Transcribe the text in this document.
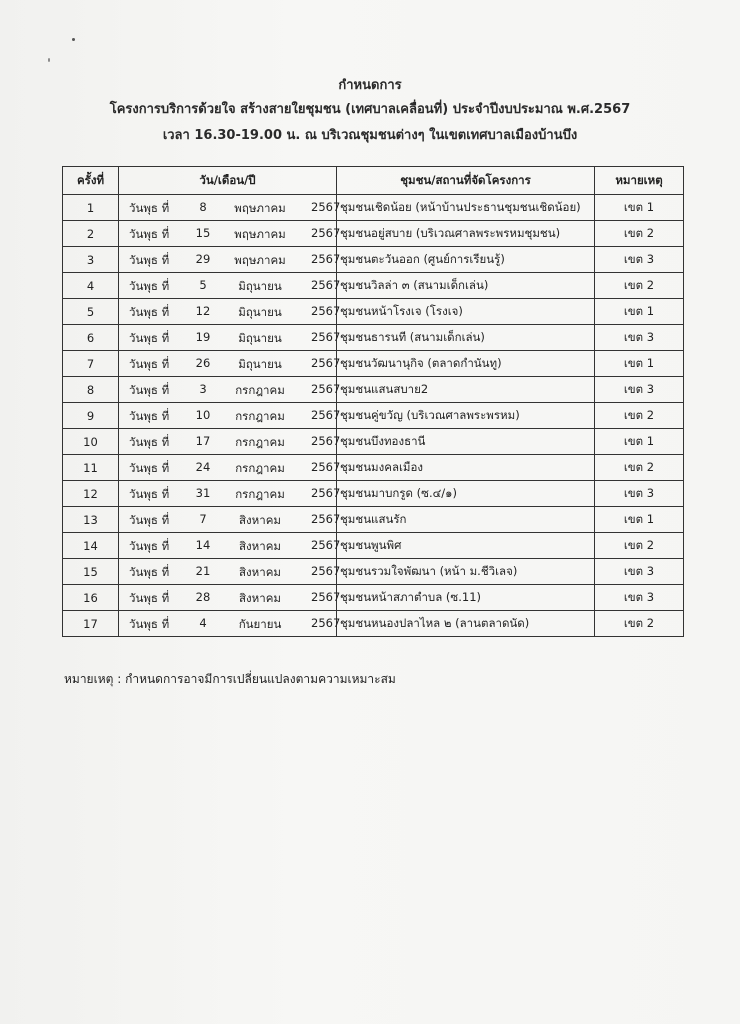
กำหนดการ
โครงการบริการด้วยใจ สร้างสายใยชุมชน (เทศบาลเคลื่อนที่) ประจำปีงบประมาณ พ.ศ.2567
เวลา 16.30-19.00 น. ณ บริเวณชุมชนต่างๆ ในเขตเทศบาลเมืองบ้านบึง
ครั้งที่	วัน/เดือน/ปี	ชุมชน/สถานที่จัดโครงการ	หมายเหตุ
1	วันพุธ ที่ 8 พฤษภาคม 2567	ชุมชนเชิดน้อย (หน้าบ้านประธานชุมชนเชิดน้อย)	เขต 1
2	วันพุธ ที่ 15 พฤษภาคม 2567	ชุมชนอยู่สบาย (บริเวณศาลพระพรหมชุมชน)	เขต 2
3	วันพุธ ที่ 29 พฤษภาคม 2567	ชุมชนตะวันออก (ศูนย์การเรียนรู้)	เขต 3
4	วันพุธ ที่ 5 มิถุนายน 2567	ชุมชนวิลล่า ๓ (สนามเด็กเล่น)	เขต 2
5	วันพุธ ที่ 12 มิถุนายน 2567	ชุมชนหน้าโรงเจ (โรงเจ)	เขต 1
6	วันพุธ ที่ 19 มิถุนายน 2567	ชุมชนธารนที (สนามเด็กเล่น)	เขต 3
7	วันพุธ ที่ 26 มิถุนายน 2567	ชุมชนวัฒนานุกิจ (ตลาดกำนันทู)	เขต 1
8	วันพุธ ที่ 3 กรกฎาคม 2567	ชุมชนแสนสบาย2	เขต 3
9	วันพุธ ที่ 10 กรกฎาคม 2567	ชุมชนคู่ขวัญ (บริเวณศาลพระพรหม)	เขต 2
10	วันพุธ ที่ 17 กรกฎาคม 2567	ชุมชนบึงทองธานี	เขต 1
11	วันพุธ ที่ 24 กรกฎาคม 2567	ชุมชนมงคลเมือง	เขต 2
12	วันพุธ ที่ 31 กรกฎาคม 2567	ชุมชนมาบกรูด (ซ.๔/๑)	เขต 3
13	วันพุธ ที่ 7 สิงหาคม 2567	ชุมชนแสนรัก	เขต 1
14	วันพุธ ที่ 14 สิงหาคม 2567	ชุมชนพูนพิศ	เขต 2
15	วันพุธ ที่ 21 สิงหาคม 2567	ชุมชนรวมใจพัฒนา (หน้า ม.ชีวิเลจ)	เขต 3
16	วันพุธ ที่ 28 สิงหาคม 2567	ชุมชนหน้าสภาตำบล (ซ.11)	เขต 3
17	วันพุธ ที่ 4 กันยายน 2567	ชุมชนหนองปลาไหล ๒ (ลานตลาดนัด)	เขต 2
หมายเหตุ : กำหนดการอาจมีการเปลี่ยนแปลงตามความเหมาะสม
